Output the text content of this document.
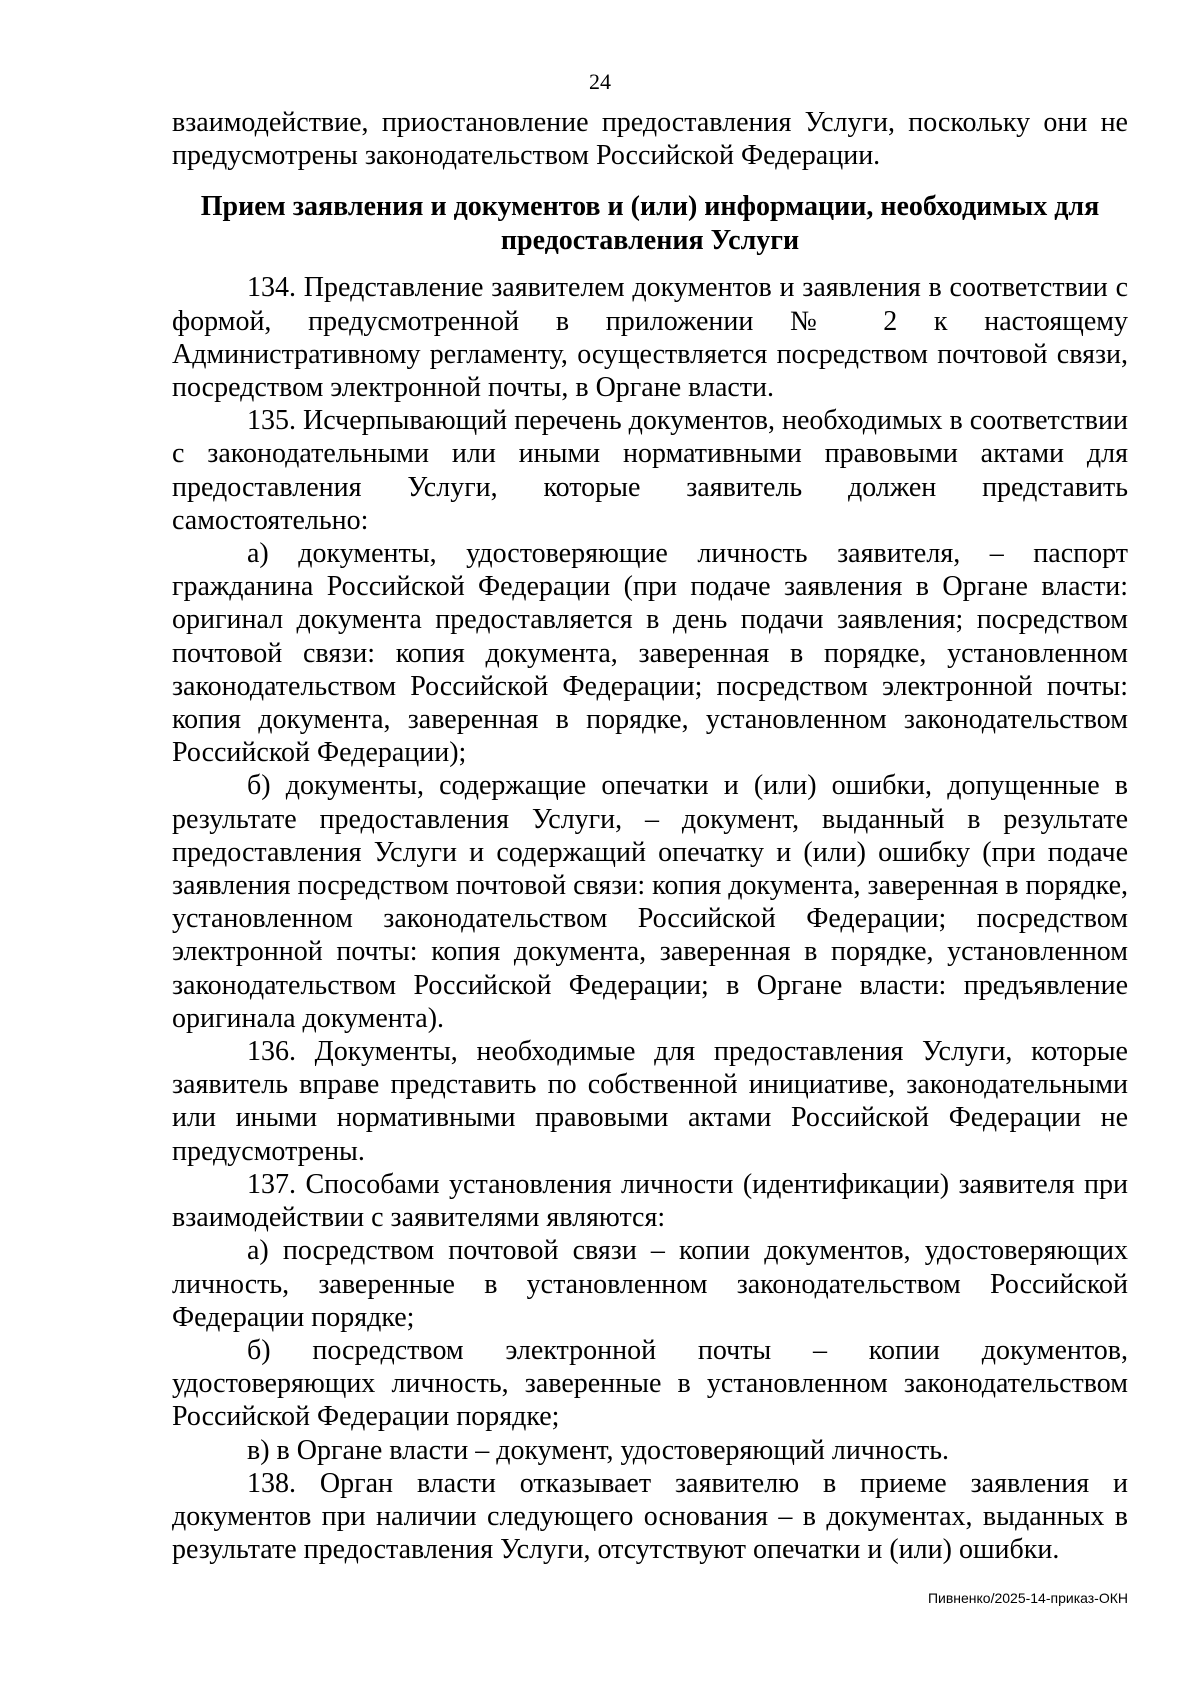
24

взаимодействие, приостановление предоставления Услуги, поскольку они не предусмотрены законодательством Российской Федерации.

Прием заявления и документов и (или) информации, необходимых для предоставления Услуги

134. Представление заявителем документов и заявления в соответствии с формой, предусмотренной в приложении № 2 к настоящему Административному регламенту, осуществляется посредством почтовой связи, посредством электронной почты, в Органе власти.

135. Исчерпывающий перечень документов, необходимых в соответствии с законодательными или иными нормативными правовыми актами для предоставления Услуги, которые заявитель должен представить самостоятельно:

а) документы, удостоверяющие личность заявителя, – паспорт гражданина Российской Федерации (при подаче заявления в Органе власти: оригинал документа предоставляется в день подачи заявления; посредством почтовой связи: копия документа, заверенная в порядке, установленном законодательством Российской Федерации; посредством электронной почты: копия документа, заверенная в порядке, установленном законодательством Российской Федерации);

б) документы, содержащие опечатки и (или) ошибки, допущенные в результате предоставления Услуги, – документ, выданный в результате предоставления Услуги и содержащий опечатку и (или) ошибку (при подаче заявления посредством почтовой связи: копия документа, заверенная в порядке, установленном законодательством Российской Федерации; посредством электронной почты: копия документа, заверенная в порядке, установленном законодательством Российской Федерации; в Органе власти: предъявление оригинала документа).

136. Документы, необходимые для предоставления Услуги, которые заявитель вправе представить по собственной инициативе, законодательными или иными нормативными правовыми актами Российской Федерации не предусмотрены.

137. Способами установления личности (идентификации) заявителя при взаимодействии с заявителями являются:

а) посредством почтовой связи – копии документов, удостоверяющих личность, заверенные в установленном законодательством Российской Федерации порядке;

б) посредством электронной почты – копии документов, удостоверяющих личность, заверенные в установленном законодательством Российской Федерации порядке;

в) в Органе власти – документ, удостоверяющий личность.

138. Орган власти отказывает заявителю в приеме заявления и документов при наличии следующего основания – в документах, выданных в результате предоставления Услуги, отсутствуют опечатки и (или) ошибки.

Пивненко/2025-14-приказ-ОКН
